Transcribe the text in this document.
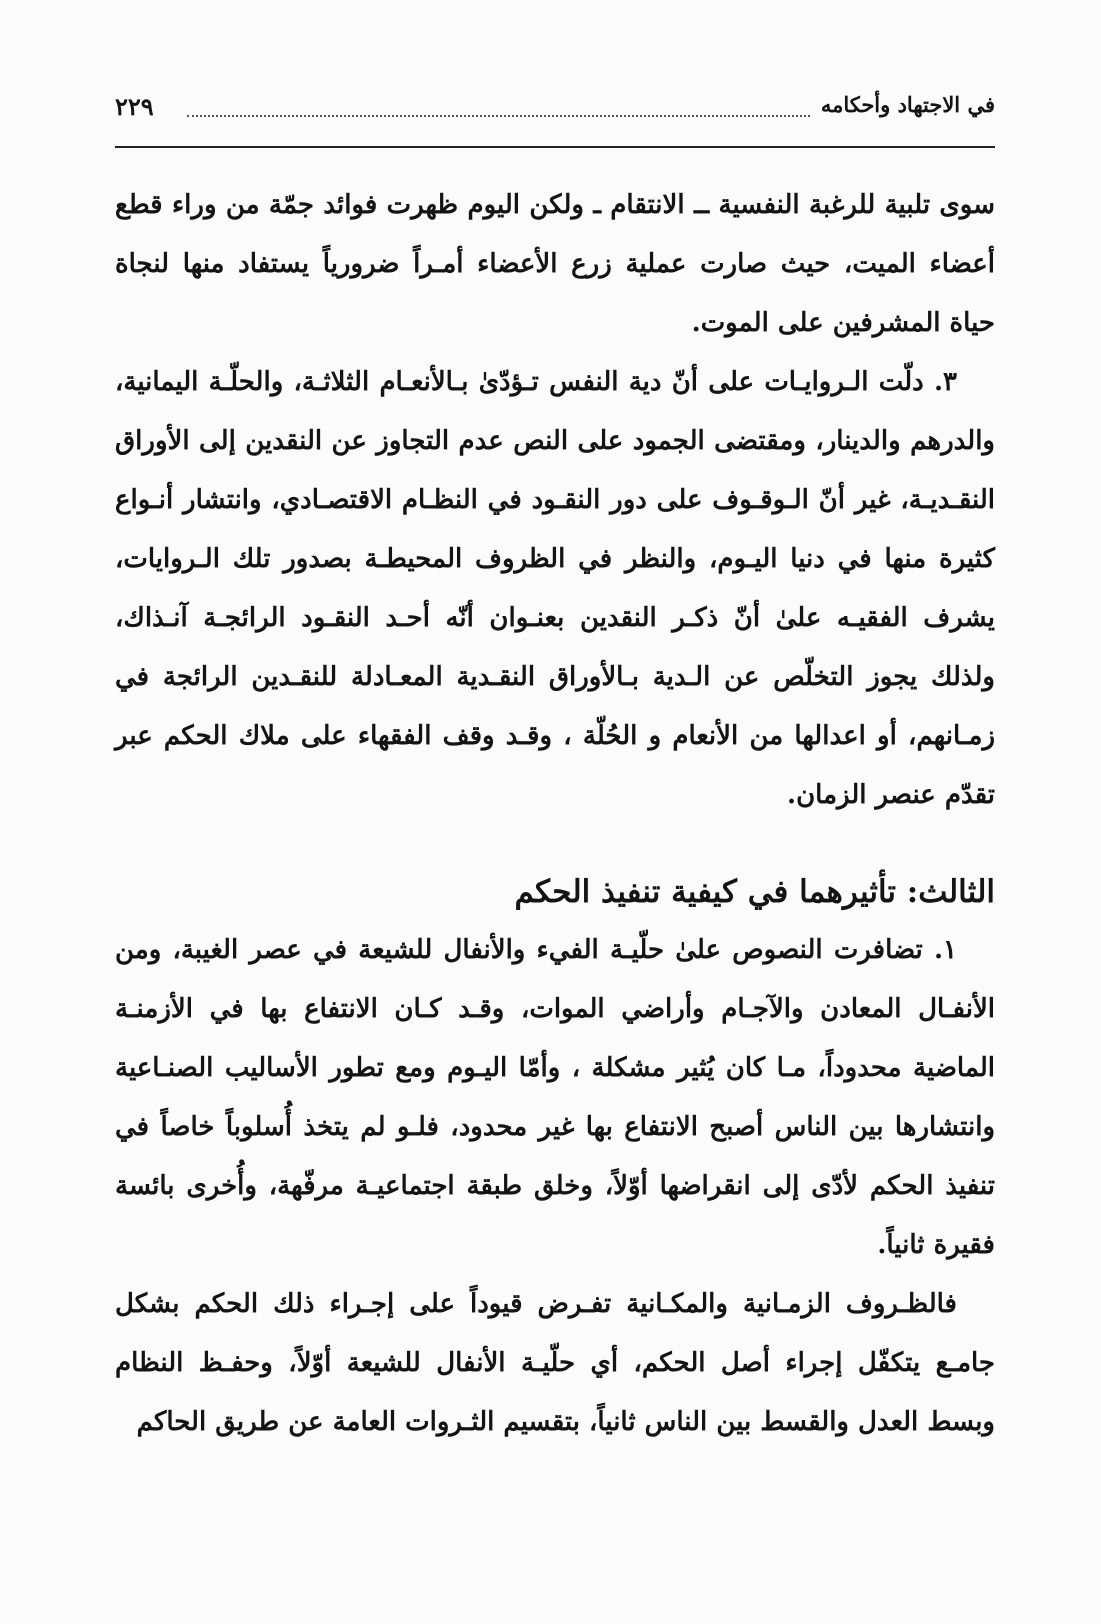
في الاجتهاد وأحكامه
٢٢٩

سوى تلبية للرغبة النفسية ــ الانتقام ـ ولكن اليوم ظهرت فوائد جمّة من وراء قطع أعضاء الميت، حيث صارت عملية زرع الأعضاء أمـراً ضرورياً يستفاد منها لنجاة حياة المشرفين على الموت.

٣. دلّت الـروايـات على أنّ دية النفس تـؤدّىٰ بـالأنعـام الثلاثـة، والحلّـة اليمانية، والدرهم والدينار، ومقتضى الجمود على النص عدم التجاوز عن النقدين إلى الأوراق النقـديـة، غير أنّ الـوقـوف على دور النقـود في النظـام الاقتصـادي، وانتشار أنـواع كثيرة منها في دنيا اليـوم، والنظر في الظروف المحيطـة بصدور تلك الـروايات، يشرف الفقيـه علىٰ أنّ ذكـر النقدين بعنـوان أنّه أحـد النقـود الرائجـة آنـذاك، ولذلك يجوز التخلّص عن الـدية بـالأوراق النقـدية المعـادلة للنقـدين الرائجة في زمـانهم، أو اعدالها من الأنعام و الحُلّة ، وقـد وقف الفقهاء على ملاك الحكم عبر تقدّم عنصر الزمان.

الثالث: تأثيرهما في كيفية تنفيذ الحكم

١. تضافرت النصوص علىٰ حلّيـة الفيء والأنفال للشيعة في عصر الغيبة، ومن الأنفـال المعادن والآجـام وأراضي الموات، وقـد كـان الانتفاع بها في الأزمنـة الماضية محدوداً، مـا كان يُثير مشكلة ، وأمّا اليـوم ومع تطور الأساليب الصنـاعية وانتشارها بين الناس أصبح الانتفاع بها غير محدود، فلـو لم يتخذ أُسلوباً خاصاً في تنفيذ الحكم لأدّى إلى انقراضها أوّلاً، وخلق طبقة اجتماعيـة مرفّهة، وأُخرى بائسة فقيرة ثانياً.

فالظـروف الزمـانية والمكـانية تفـرض قيوداً على إجـراء ذلك الحكم بشكل جامـع يتكفّل إجراء أصل الحكم، أي حلّيـة الأنفال للشيعة أوّلاً، وحفـظ النظام وبسط العدل والقسط بين الناس ثانياً، بتقسيم الثـروات العامة عن طريق الحاكم
